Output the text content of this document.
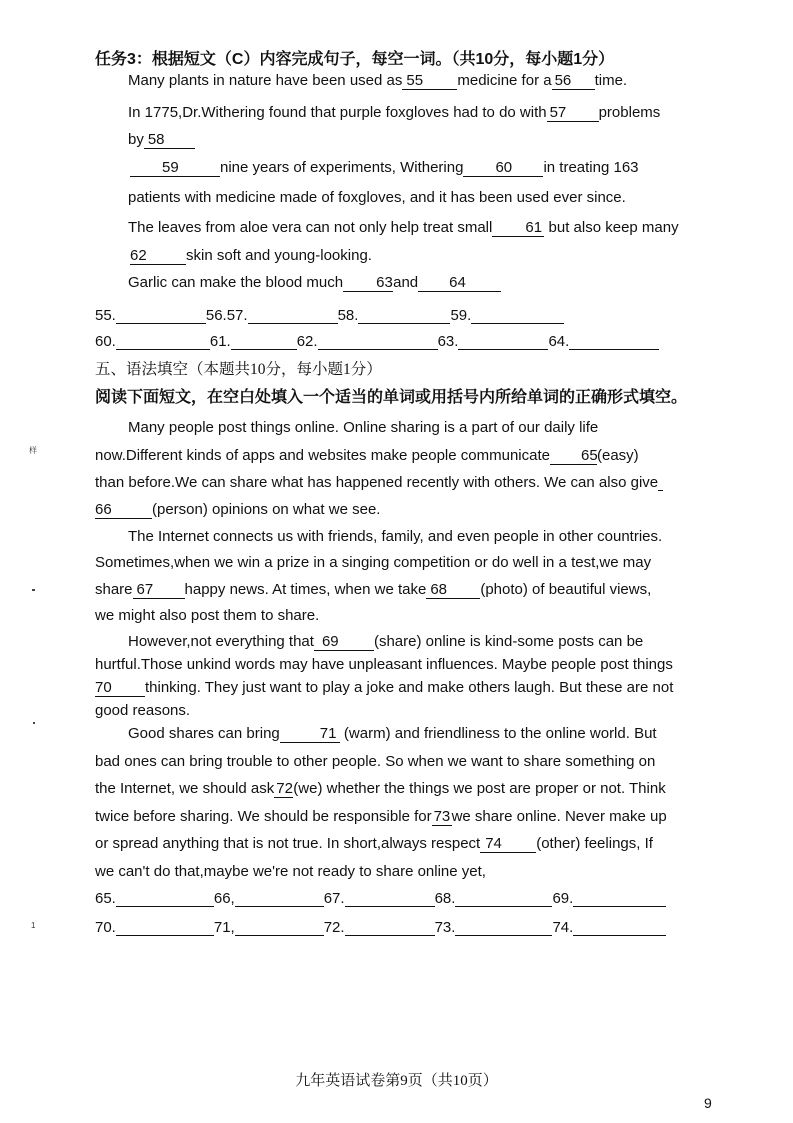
任务3：根据短文（C）内容完成句子，每空一词。（共10分，每小题1分）
Many plants in nature have been used as 55 medicine for a 56 time.
In 1775,Dr.Withering found that purple foxgloves had to do with 57 problems
by 58
59	nine years of experiments, Withering 60 in treating 163
patients with medicine made of foxgloves, and it has been used ever since.
The leaves from aloe vera can not only help treat small 61 but also keep many
62	skin soft and young-looking.
Garlic can make the blood much 63and 64
55.	56.57.	58.	59.
60.	61.	62.	63.	64.
五、语法填空（本题共10分，每小题1分）
阅读下面短文，在空白处填入一个适当的单词或用括号内所给单词的正确形式填空。
Many people post things online. Online sharing is a part of our daily life
now.Different kinds of apps and websites make people communicate 65(easy)
than before.We can share what has happened recently with others. We can also give
66	(person) opinions on what we see.
The Internet connects us with friends, family, and even people in other countries.
Sometimes,when we win a prize in a singing competition or do well in a test,we may
share 67 happy news. At times, when we take 68 (photo) of beautiful views,
we might also post them to share.
However,not everything that 69 (share) online is kind-some posts can be
hurtful.Those unkind words may have unpleasant influences. Maybe people post things
70 thinking. They just want to play a joke and make others laugh. But these are not
good reasons.
Good shares can bring	71 (warm) and friendliness to the online world. But
bad ones can bring trouble to other people. So when we want to share something on
the Internet, we should ask 72(we) whether the things we post are proper or not. Think
twice before sharing. We should be responsible for 73we share online. Never make up
or spread anything that is not true. In short,always respect 74 (other) feelings, If
we can't do that,maybe we're not ready to share online yet,
65.	66,	67.	68.	69.
70.	71,	72.	73.	74.
样
1
九年英语试卷第9页（共10页）
9
